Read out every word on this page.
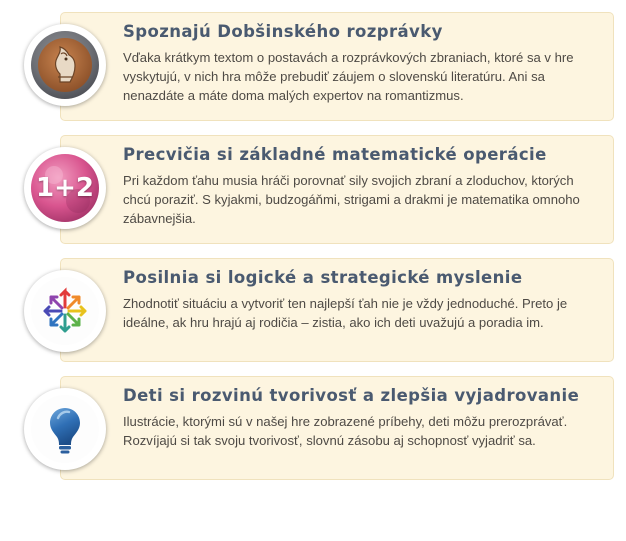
Spoznajú Dobšinského rozprávky

Vďaka krátkym textom o postavách a rozprávkových zbraniach, ktoré sa v hre vyskytujú, v nich hra môže prebudiť záujem o slovenskú literatúru. Ani sa nenazdáte a máte doma malých expertov na romantizmus.

1+2

Precvičia si základné matematické operácie

Pri každom ťahu musia hráči porovnať sily svojich zbraní a zloduchov, ktorých chcú poraziť. S kyjakmi, budzogáňmi, strigami a drakmi je matematika omnoho zábavnejšia.

Posilnia si logické a strategické myslenie

Zhodnotiť situáciu a vytvoriť ten najlepší ťah nie je vždy jednoduché. Preto je ideálne, ak hru hrajú aj rodičia – zistia, ako ich deti uvažujú a poradia im.

Deti si rozvinú tvorivosť a zlepšia vyjadrovanie

Ilustrácie, ktorými sú v našej hre zobrazené príbehy, deti môžu prerozprávať. Rozvíjajú si tak svoju tvorivosť, slovnú zásobu aj schopnosť vyjadriť sa.
